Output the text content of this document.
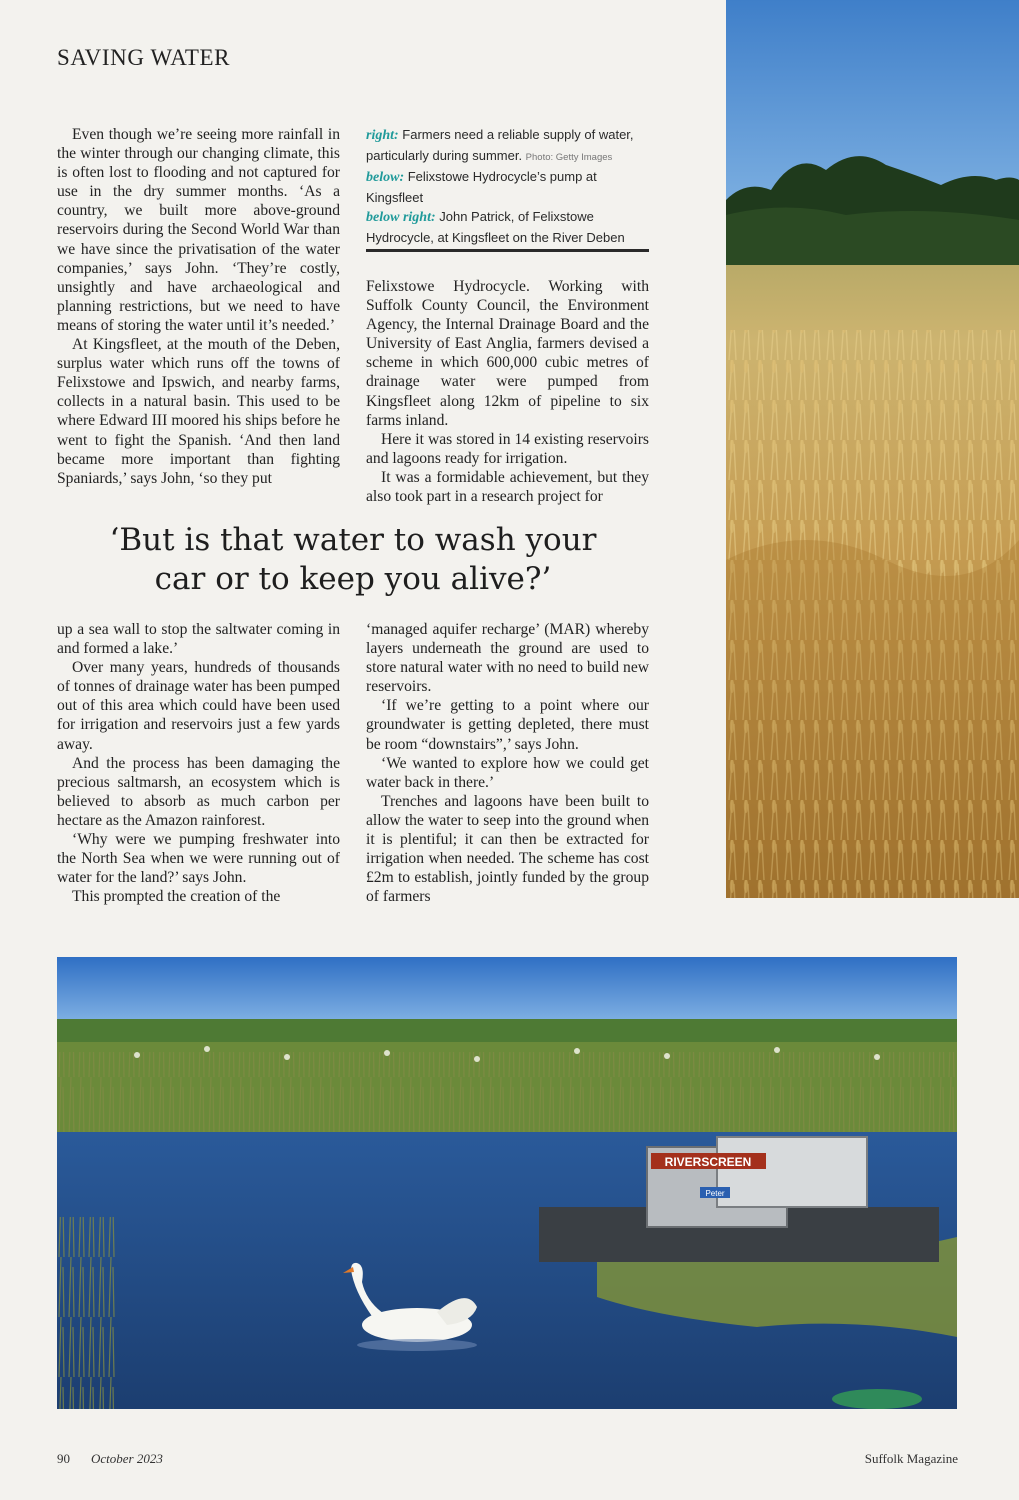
SAVING WATER

Even though we’re seeing more rainfall in the winter through our changing climate, this is often lost to flooding and not captured for use in the dry summer months. ‘As a country, we built more above-ground reservoirs during the Second World War than we have since the privatisation of the water companies,’ says John. ‘They’re costly, unsightly and have archaeological and planning restrictions, but we need to have means of storing the water until it’s needed.’

At Kingsfleet, at the mouth of the Deben, surplus water which runs off the towns of Felixstowe and Ipswich, and nearby farms, collects in a natural basin. This used to be where Edward III moored his ships before he went to fight the Spanish. ‘And then land became more important than fighting Spaniards,’ says John, ‘so they put

right: Farmers need a reliable supply of water, particularly during summer. Photo: Getty Images
below: Felixstowe Hydrocycle’s pump at Kingsfleet
below right: John Patrick, of Felixstowe Hydrocycle, at Kingsfleet on the River Deben

Felixstowe Hydrocycle. Working with Suffolk County Council, the Environment Agency, the Internal Drainage Board and the University of East Anglia, farmers devised a scheme in which 600,000 cubic metres of drainage water were pumped from Kingsfleet along 12km of pipeline to six farms inland.

Here it was stored in 14 existing reservoirs and lagoons ready for irrigation.

It was a formidable achievement, but they also took part in a research project for

‘But is that water to wash your
car or to keep you alive?’

up a sea wall to stop the saltwater coming in and formed a lake.’

Over many years, hundreds of thousands of tonnes of drainage water has been pumped out of this area which could have been used for irrigation and reservoirs just a few yards away.

And the process has been damaging the precious saltmarsh, an ecosystem which is believed to absorb as much carbon per hectare as the Amazon rainforest.

‘Why were we pumping freshwater into the North Sea when we were running out of water for the land?’ says John.

This prompted the creation of the

‘managed aquifer recharge’ (MAR) whereby layers underneath the ground are used to store natural water with no need to build new reservoirs.

‘If we’re getting to a point where our groundwater is getting depleted, there must be room “downstairs”,’ says John.

‘We wanted to explore how we could get water back in there.’

Trenches and lagoons have been built to allow the water to seep into the ground when it is plentiful; it can then be extracted for irrigation when needed. The scheme has cost £2m to establish, jointly funded by the group of farmers

RIVERSCREEN
Peter
90 October 2023	Suffolk Magazine
